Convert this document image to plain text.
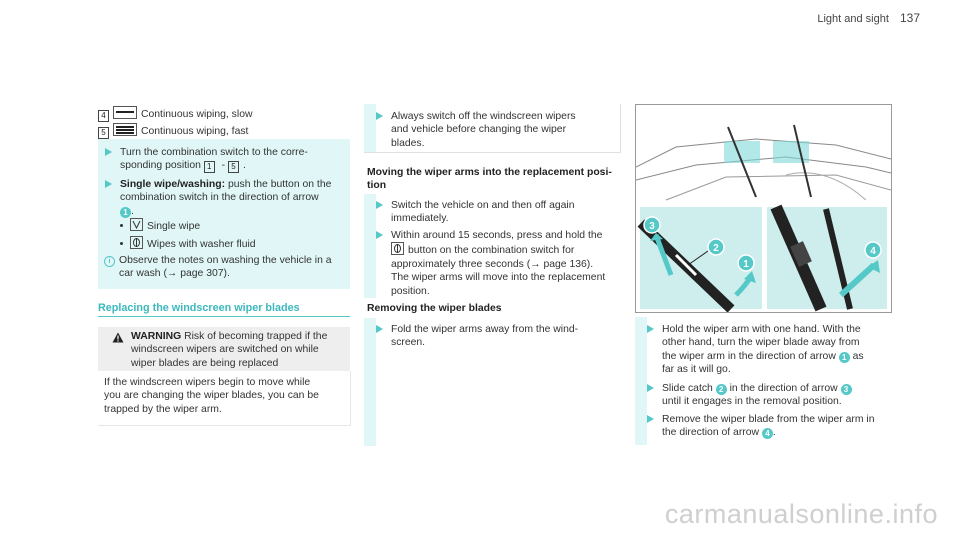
Light and sight 137
4	Continuous wiping, slow
5	Continuous wiping, fast
Turn the combination switch to the corre-
sponding position 1 - 5 .
Single wipe/washing: push the button on the
combination switch in the direction of arrow
1 .
Single wipe
Wipes with washer fluid
i Observe the notes on washing the vehicle in a
car wash (→ page 307).
Replacing the windscreen wiper blades
WARNING Risk of becoming trapped if the
windscreen wipers are switched on while
wiper blades are being replaced
If the windscreen wipers begin to move while
you are changing the wiper blades, you can be
trapped by the wiper arm.
Always switch off the windscreen wipers
and vehicle before changing the wiper
blades.
Moving the wiper arms into the replacement posi-
tion
Switch the vehicle on and then off again
immediately.
Within around 15 seconds, press and hold the
button on the combination switch for
approximately three seconds (→ page 136).
The wiper arms will move into the replacement
position.
Removing the wiper blades
Fold the wiper arms away from the wind-
screen.
3
2
1
4
Hold the wiper arm with one hand. With the
other hand, turn the wiper blade away from
the wiper arm in the direction of arrow 1 as
far as it will go.
Slide catch 2 in the direction of arrow 3
until it engages in the removal position.
Remove the wiper blade from the wiper arm in
the direction of arrow 4 .
carmanualsonline.info
